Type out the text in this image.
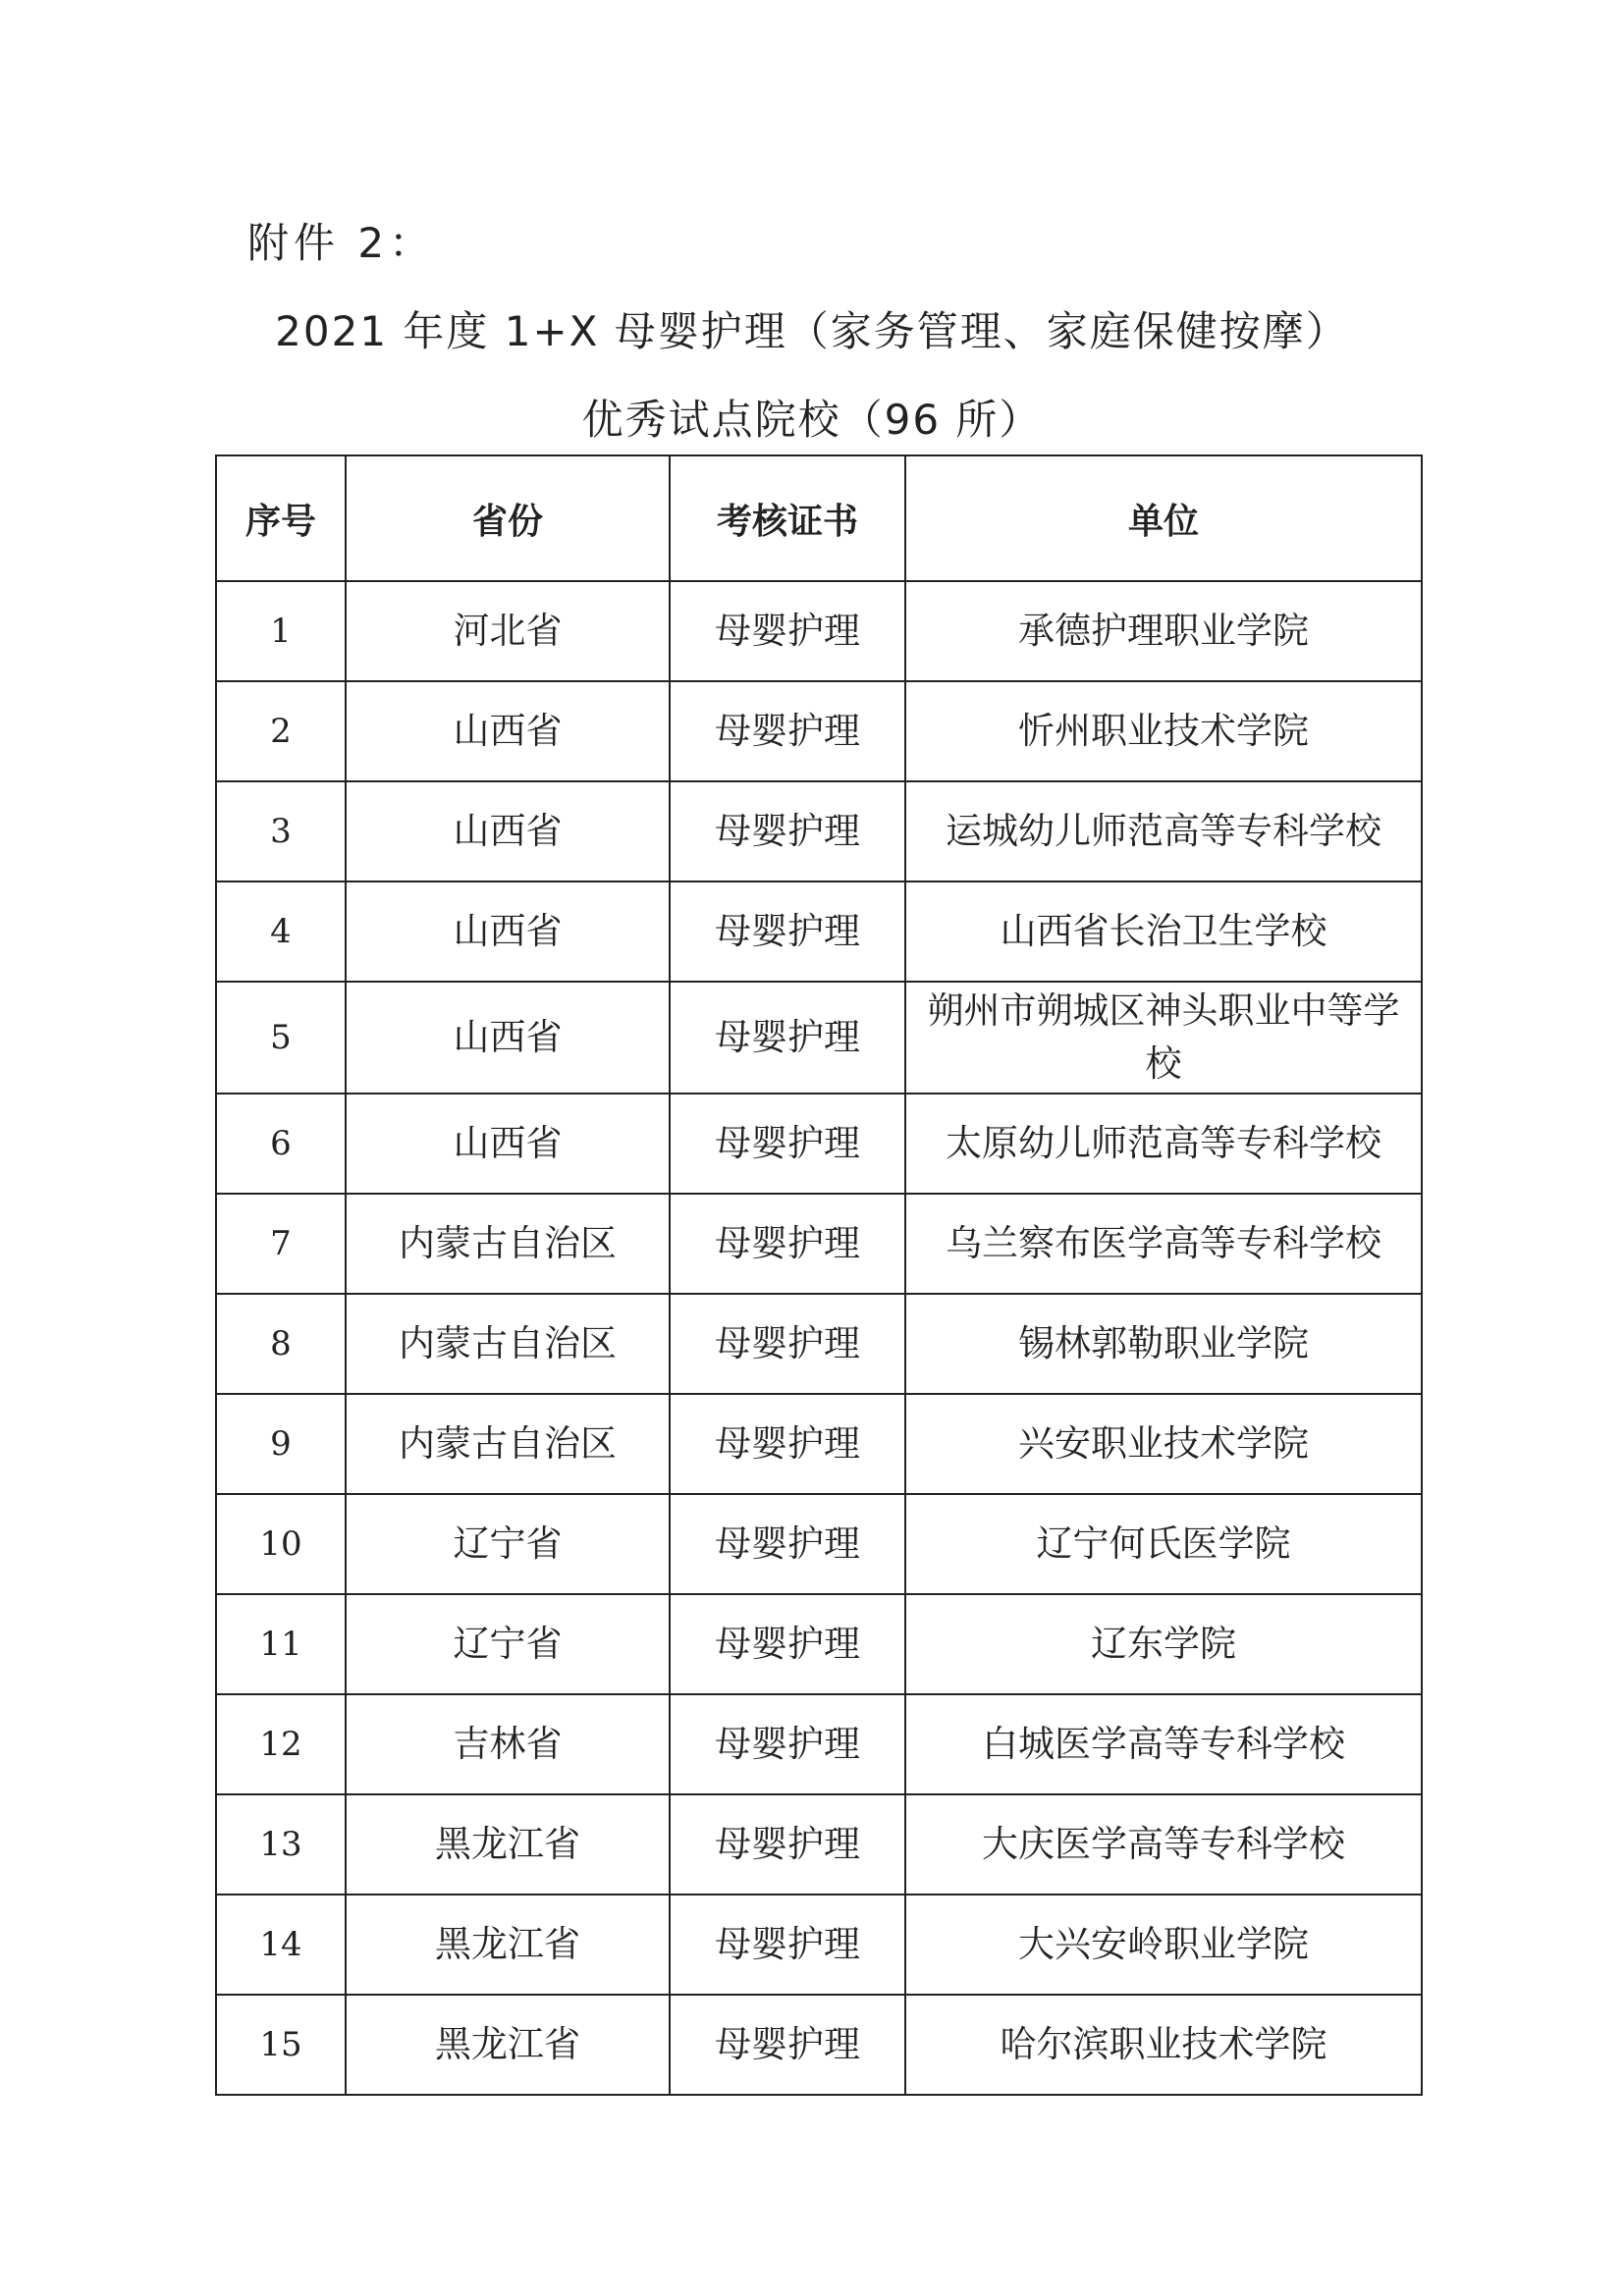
附件 2：
2021 年度 1+X 母婴护理（家务管理、家庭保健按摩）
优秀试点院校（96 所）
序号	省份	考核证书	单位
1	河北省	母婴护理	承德护理职业学院
2	山西省	母婴护理	忻州职业技术学院
3	山西省	母婴护理	运城幼儿师范高等专科学校
4	山西省	母婴护理	山西省长治卫生学校
5	山西省	母婴护理	朔州市朔城区神头职业中等学校
6	山西省	母婴护理	太原幼儿师范高等专科学校
7	内蒙古自治区	母婴护理	乌兰察布医学高等专科学校
8	内蒙古自治区	母婴护理	锡林郭勒职业学院
9	内蒙古自治区	母婴护理	兴安职业技术学院
10	辽宁省	母婴护理	辽宁何氏医学院
11	辽宁省	母婴护理	辽东学院
12	吉林省	母婴护理	白城医学高等专科学校
13	黑龙江省	母婴护理	大庆医学高等专科学校
14	黑龙江省	母婴护理	大兴安岭职业学院
15	黑龙江省	母婴护理	哈尔滨职业技术学院
